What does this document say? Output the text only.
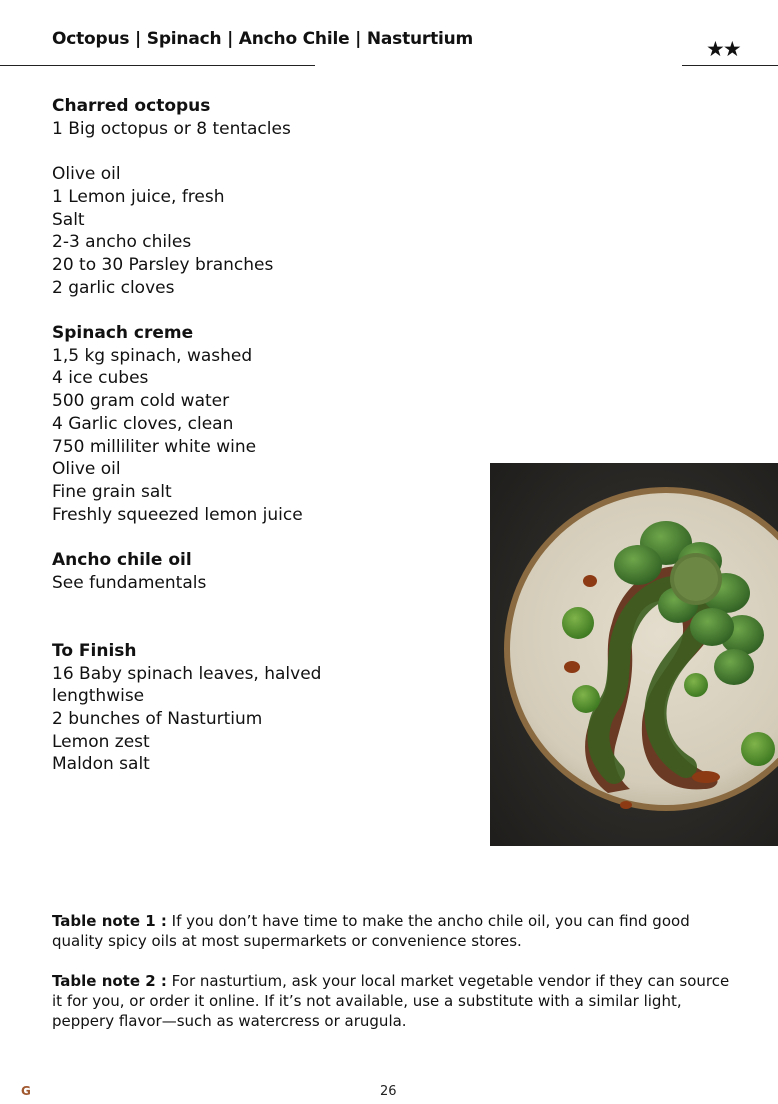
Octopus | Spinach | Ancho Chile | Nasturtium	★★
Charred octopus
1 Big octopus or 8 tentacles
Olive oil
1 Lemon juice, fresh
Salt
2-3 ancho chiles
20 to 30 Parsley branches
2 garlic cloves
Spinach creme
1,5 kg spinach, washed
4 ice cubes
500 gram cold water
4 Garlic cloves, clean
750 milliliter white wine
Olive oil
Fine grain salt
Freshly squeezed lemon juice
Ancho chile oil
See fundamentals
To Finish
16 Baby spinach leaves, halved lengthwise
2 bunches of Nasturtium
Lemon zest
Maldon salt

Table note 1 : If you don’t have time to make the ancho chile oil, you can find good quality spicy oils at most supermarkets or convenience stores.

Table note 2 : For nasturtium, ask your local market vegetable vendor if they can source it for you, or order it online. If it’s not available, use a substitute with a similar light, peppery flavor—such as watercress or arugula.

G	26
